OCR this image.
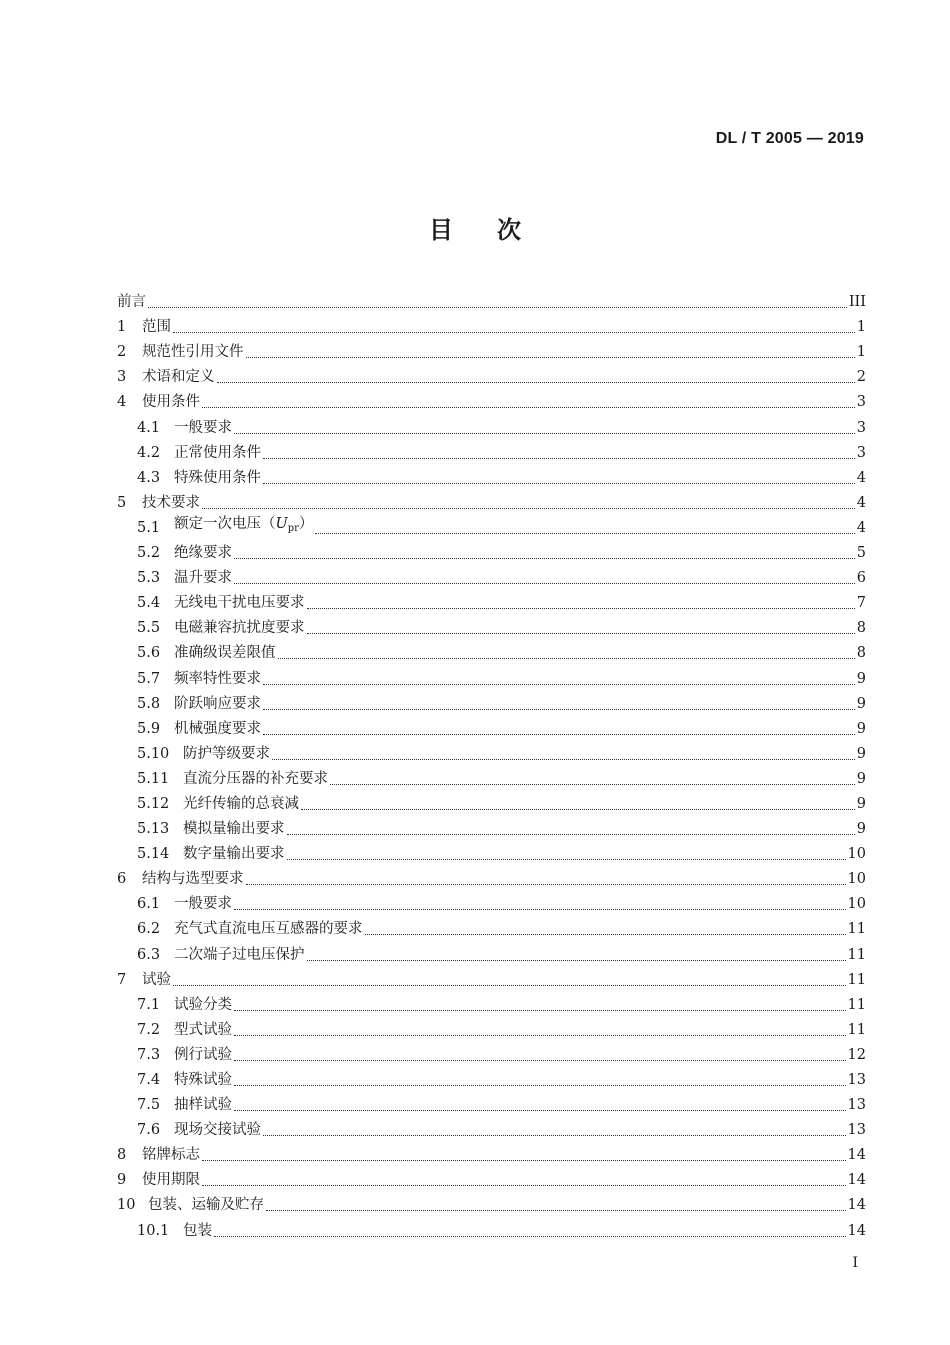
DL / T 2005 — 2019
目 次
前言	III
1	范围	1
2	规范性引用文件	1
3	术语和定义	2
4	使用条件	3
4.1 一般要求	3
4.2 正常使用条件	3
4.3 特殊使用条件	4
5	技术要求	4
5.1 额定一次电压$(U_{pr})$	4
5.2 绝缘要求	5
5.3 温升要求	6
5.4 无线电干扰电压要求	7
5.5 电磁兼容抗扰度要求	8
5.6 准确级误差限值	8
5.7 频率特性要求	9
5.8 阶跃响应要求	9
5.9 机械强度要求	9
5.10 防护等级要求	9
5.11 直流分压器的补充要求	9
5.12 光纤传输的总衰减	9
5.13 模拟量输出要求	9
5.14 数字量输出要求	10
6	结构与选型要求	10
6.1 一般要求	10
6.2 充气式直流电压互感器的要求	11
6.3 二次端子过电压保护	11
7	试验	11
7.1 试验分类	11
7.2 型式试验	11
7.3 例行试验	12
7.4 特殊试验	13
7.5 抽样试验	13
7.6 现场交接试验	13
8	铭牌标志	14
9	使用期限	14
10 包装、运输及贮存	14
10.1 包装	14
I
